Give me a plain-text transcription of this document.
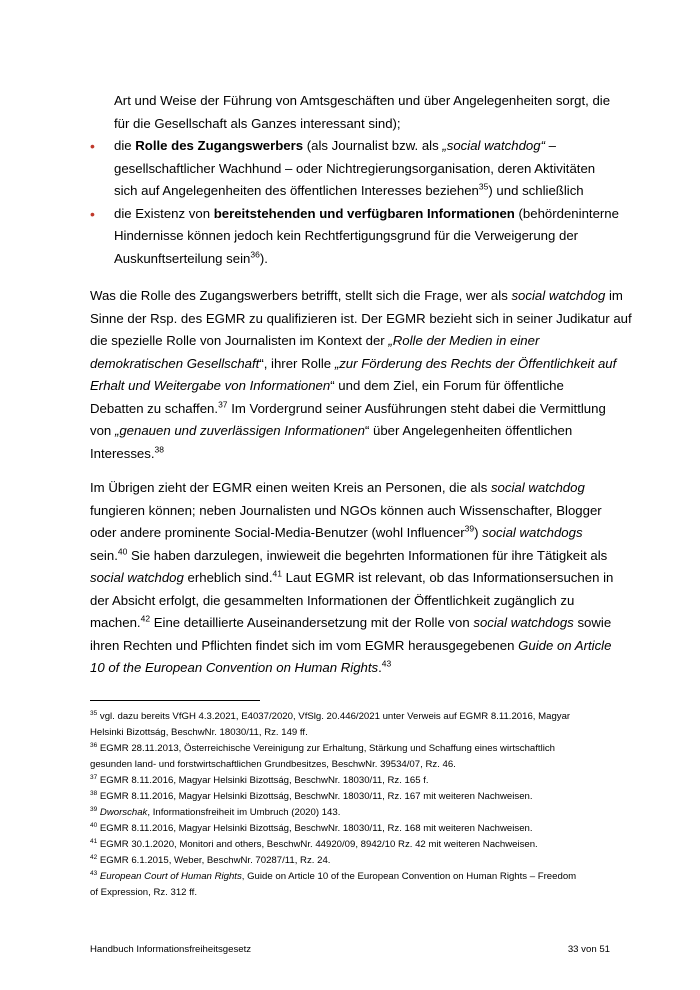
Art und Weise der Führung von Amtsgeschäften und über Angelegenheiten sorgt, die
für die Gesellschaft als Ganzes interessant sind);
• die Rolle des Zugangswerbers (als Journalist bzw. als „social watchdog“ –
gesellschaftlicher Wachhund – oder Nichtregierungsorganisation, deren Aktivitäten
sich auf Angelegenheiten des öffentlichen Interesses beziehen$^{35}$) und schließlich
• die Existenz von bereitstehenden und verfügbaren Informationen (behördeninterne
Hindernisse können jedoch kein Rechtfertigungsgrund für die Verweigerung der
Auskunftserteilung sein$^{36}$).
Was die Rolle des Zugangswerbers betrifft, stellt sich die Frage, wer als social watchdog im
Sinne der Rsp. des EGMR zu qualifizieren ist. Der EGMR bezieht sich in seiner Judikatur auf
die spezielle Rolle von Journalisten im Kontext der „Rolle der Medien in einer
demokratischen Gesellschaft“, ihrer Rolle „zur Förderung des Rechts der Öffentlichkeit auf
Erhalt und Weitergabe von Informationen“ und dem Ziel, ein Forum für öffentliche
Debatten zu schaffen.$^{37}$ Im Vordergrund seiner Ausführungen steht dabei die Vermittlung
von „genauen und zuverlässigen Informationen“ über Angelegenheiten öffentlichen
Interesses.$^{38}$
Im Übrigen zieht der EGMR einen weiten Kreis an Personen, die als social watchdog
fungieren können; neben Journalisten und NGOs können auch Wissenschafter, Blogger
oder andere prominente Social-Media-Benutzer (wohl Influencer$^{39}$) social watchdogs
sein.$^{40}$ Sie haben darzulegen, inwieweit die begehrten Informationen für ihre Tätigkeit als
social watchdog erheblich sind.$^{41}$ Laut EGMR ist relevant, ob das Informationsersuchen in
der Absicht erfolgt, die gesammelten Informationen der Öffentlichkeit zugänglich zu
machen.$^{42}$ Eine detaillierte Auseinandersetzung mit der Rolle von social watchdogs sowie
ihren Rechten und Pflichten findet sich im vom EGMR herausgegebenen Guide on Article
10 of the European Convention on Human Rights.$^{43}$
$^{35}$ vgl. dazu bereits VfGH 4.3.2021, E4037/2020, VfSlg. 20.446/2021 unter Verweis auf EGMR 8.11.2016, Magyar
Helsinki Bizottság, BeschwNr. 18030/11, Rz. 149 ff.
$^{36}$ EGMR 28.11.2013, Österreichische Vereinigung zur Erhaltung, Stärkung und Schaffung eines wirtschaftlich
gesunden land- und forstwirtschaftlichen Grundbesitzes, BeschwNr. 39534/07, Rz. 46.
$^{37}$ EGMR 8.11.2016, Magyar Helsinki Bizottság, BeschwNr. 18030/11, Rz. 165 f.
$^{38}$ EGMR 8.11.2016, Magyar Helsinki Bizottság, BeschwNr. 18030/11, Rz. 167 mit weiteren Nachweisen.
$^{39}$ Dworschak, Informationsfreiheit im Umbruch (2020) 143.
$^{40}$ EGMR 8.11.2016, Magyar Helsinki Bizottság, BeschwNr. 18030/11, Rz. 168 mit weiteren Nachweisen.
$^{41}$ EGMR 30.1.2020, Monitori and others, BeschwNr. 44920/09, 8942/10 Rz. 42 mit weiteren Nachweisen.
$^{42}$ EGMR 6.1.2015, Weber, BeschwNr. 70287/11, Rz. 24.
$^{43}$ European Court of Human Rights, Guide on Article 10 of the European Convention on Human Rights – Freedom
of Expression, Rz. 312 ff.
Handbuch Informationsfreiheitsgesetz	33 von 51
